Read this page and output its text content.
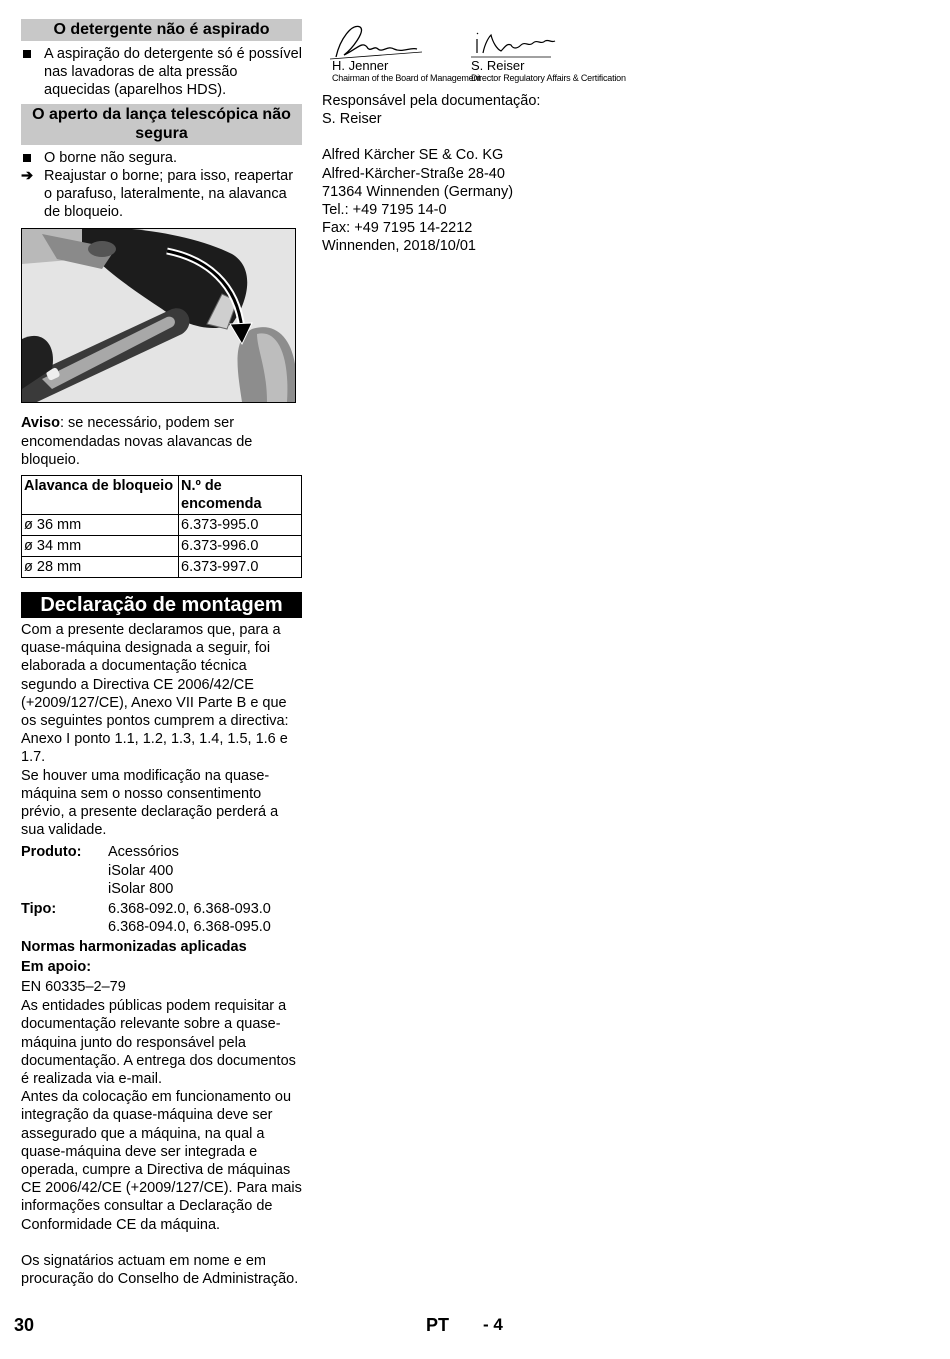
O detergente não é aspirado
A aspiração do detergente só é possível nas lavadoras de alta pressão aquecidas (aparelhos HDS).
O aperto da lança telescópica não segura
O borne não segura.
➔ Reajustar o borne; para isso, reapertar o parafuso, lateralmente, na alavanca de bloqueio.

Aviso: se necessário, podem ser encomendadas novas alavancas de bloqueio.

Alavanca de bloqueio	N.º de encomenda
ø 36 mm	6.373-995.0
ø 34 mm	6.373-996.0
ø 28 mm	6.373-997.0
Declaração de montagem

Com a presente declaramos que, para a quase-máquina designada a seguir, foi elaborada a documentação técnica segundo a Directiva CE 2006/42/CE (+2009/127/CE), Anexo VII Parte B e que os seguintes pontos cumprem a directiva:

Anexo I ponto 1.1, 1.2, 1.3, 1.4, 1.5, 1.6 e 1.7.

Se houver uma modificação na quase-máquina sem o nosso consentimento prévio, a presente declaração perderá a sua validade.

Produto:	Acessórios
iSolar 400
iSolar 800
Tipo:	6.368-092.0, 6.368-093.0
6.368-094.0, 6.368-095.0

Normas harmonizadas aplicadas

Em apoio:

EN 60335–2–79

As entidades públicas podem requisitar a documentação relevante sobre a quase-máquina junto do responsável pela documentação. A entrega dos documentos é realizada via e-mail.

Antes da colocação em funcionamento ou integração da quase-máquina deve ser assegurado que a máquina, na qual a quase-máquina deve ser integrada e operada, cumpre a Directiva de máquinas CE 2006/42/CE (+2009/127/CE). Para mais informações consultar a Declaração de Conformidade CE da máquina.

Os signatários actuam em nome e em procuração do Conselho de Administração.

H. Jenner
Chairman of the Board of Management
S. Reiser
Director Regulatory Affairs & Certification

Responsável pela documentação:

S. Reiser

Alfred Kärcher SE & Co. KG

Alfred-Kärcher-Straße 28-40

71364 Winnenden (Germany)

Tel.: +49 7195 14-0

Fax: +49 7195 14-2212

Winnenden, 2018/10/01

30	PT - 4
